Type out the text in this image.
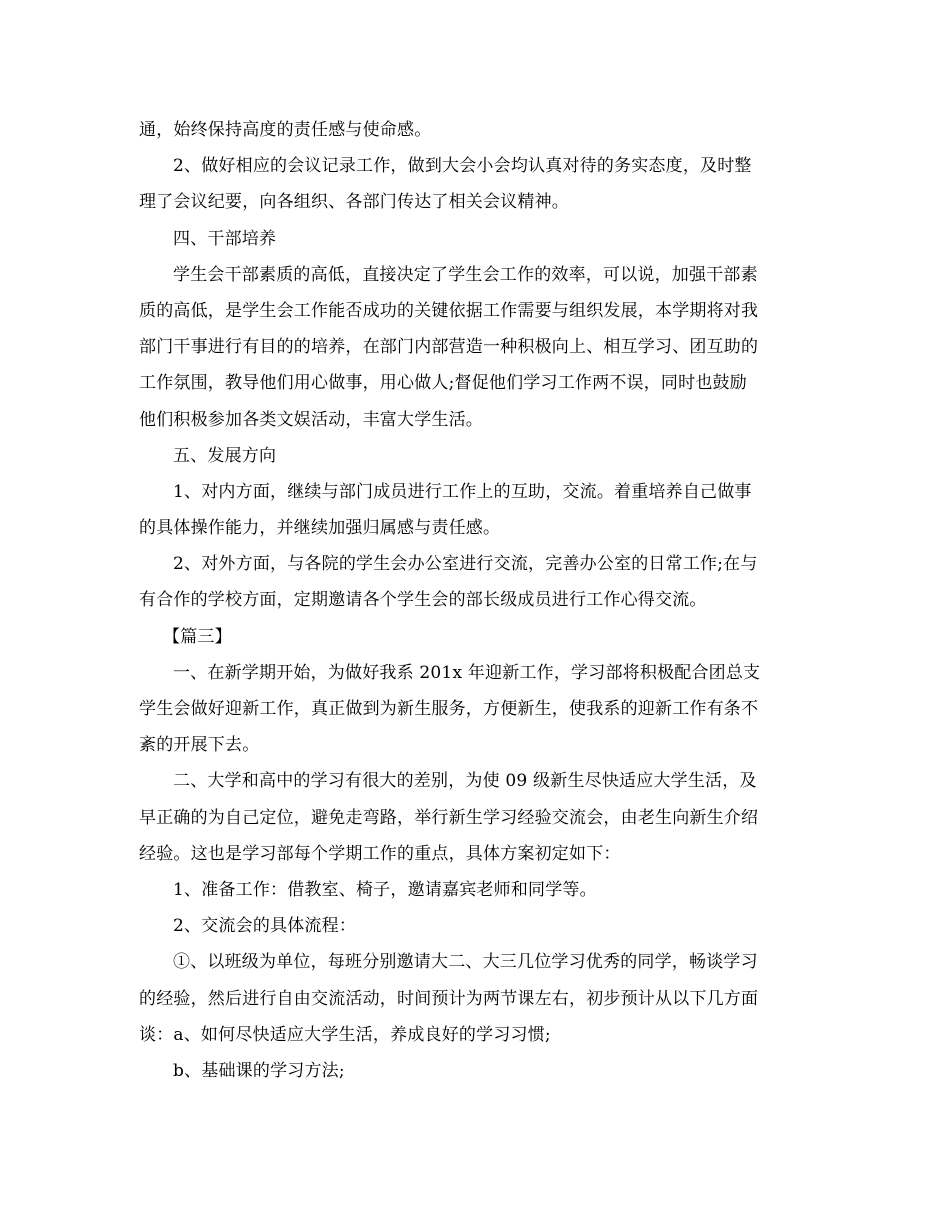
通，始终保持高度的责任感与使命感。
2、做好相应的会议记录工作，做到大会小会均认真对待的务实态度，及时整
理了会议纪要，向各组织、各部门传达了相关会议精神。
四、干部培养
学生会干部素质的高低，直接决定了学生会工作的效率，可以说，加强干部素
质的高低，是学生会工作能否成功的关键依据工作需要与组织发展，本学期将对我
部门干事进行有目的的培养，在部门内部营造一种积极向上、相互学习、团互助的
工作氛围，教导他们用心做事，用心做人;督促他们学习工作两不误，同时也鼓励
他们积极参加各类文娱活动，丰富大学生活。
五、发展方向
1、对内方面，继续与部门成员进行工作上的互助，交流。着重培养自己做事
的具体操作能力，并继续加强归属感与责任感。
2、对外方面，与各院的学生会办公室进行交流，完善办公室的日常工作;在与
有合作的学校方面，定期邀请各个学生会的部长级成员进行工作心得交流。
【篇三】
一、在新学期开始，为做好我系 201x 年迎新工作，学习部将积极配合团总支
学生会做好迎新工作，真正做到为新生服务，方便新生，使我系的迎新工作有条不
紊的开展下去。
二、大学和高中的学习有很大的差别，为使 09 级新生尽快适应大学生活，及
早正确的为自己定位，避免走弯路，举行新生学习经验交流会，由老生向新生介绍
经验。这也是学习部每个学期工作的重点，具体方案初定如下：
1、准备工作：借教室、椅子，邀请嘉宾老师和同学等。
2、交流会的具体流程：
①、以班级为单位，每班分别邀请大二、大三几位学习优秀的同学，畅谈学习
的经验，然后进行自由交流活动，时间预计为两节课左右，初步预计从以下几方面
谈：a、如何尽快适应大学生活，养成良好的学习习惯;
b、基础课的学习方法;
